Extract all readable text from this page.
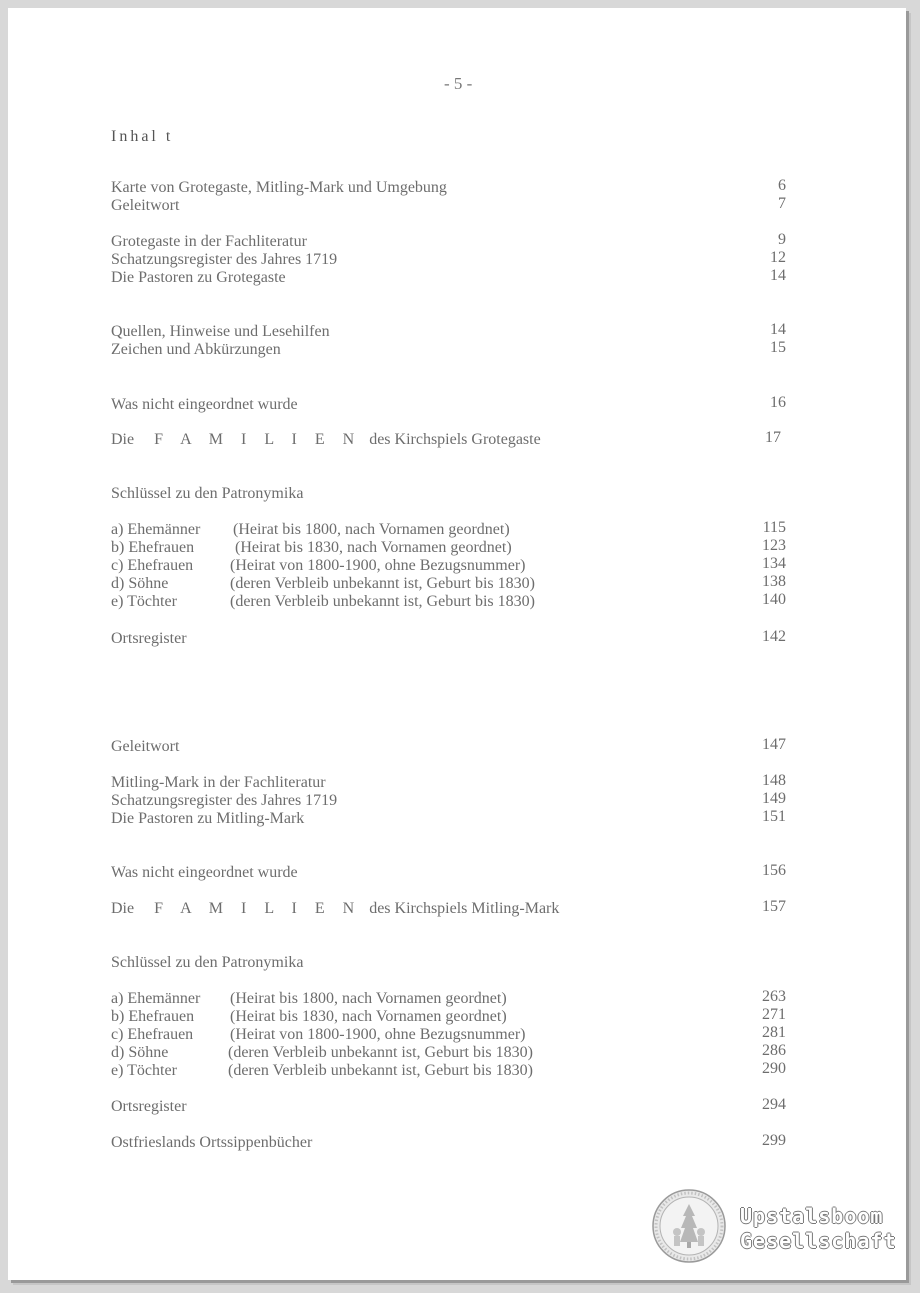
- 5 -
Inhal t
Karte von Grotegaste, Mitling-Mark und Umgebung	6
Geleitwort	7
Grotegaste in der Fachliteratur	9
Schatzungsregister des Jahres 1719	12
Die Pastoren zu Grotegaste	14
Quellen, Hinweise und Lesehilfen	14
Zeichen und Abkürzungen	15
Was nicht eingeordnet wurde	16
Die F A M I L I E N des Kirchspiels Grotegaste	17
Schlüssel zu den Patronymika
a) Ehemänner (Heirat bis 1800, nach Vornamen geordnet)	115
b) Ehefrauen	(Heirat bis 1830, nach Vornamen geordnet)	123
c) Ehefrauen (Heirat von 1800-1900, ohne Bezugsnummer)	134
d) Söhne	(deren Verbleib unbekannt ist, Geburt bis 1830)	138
e) Töchter	(deren Verbleib unbekannt ist, Geburt bis 1830)	140
Ortsregister	142
Geleitwort	147
Mitling-Mark in der Fachliteratur	148
Schatzungsregister des Jahres 1719	149
Die Pastoren zu Mitling-Mark	151
Was nicht eingeordnet wurde	156
Die F A M I L I E N des Kirchspiels Mitling-Mark	157
Schlüssel zu den Patronymika
a) Ehemänner (Heirat bis 1800, nach Vornamen geordnet)	263
b) Ehefrauen (Heirat bis 1830, nach Vornamen geordnet)	271
c) Ehefrauen (Heirat von 1800-1900, ohne Bezugsnummer)	281
d) Söhne	(deren Verbleib unbekannt ist, Geburt bis 1830)	286
e) Töchter	(deren Verbleib unbekannt ist, Geburt bis 1830)	290
Ortsregister	294
Ostfrieslands Ortssippenbücher	299
Upstalsboom
Gesellschaft
